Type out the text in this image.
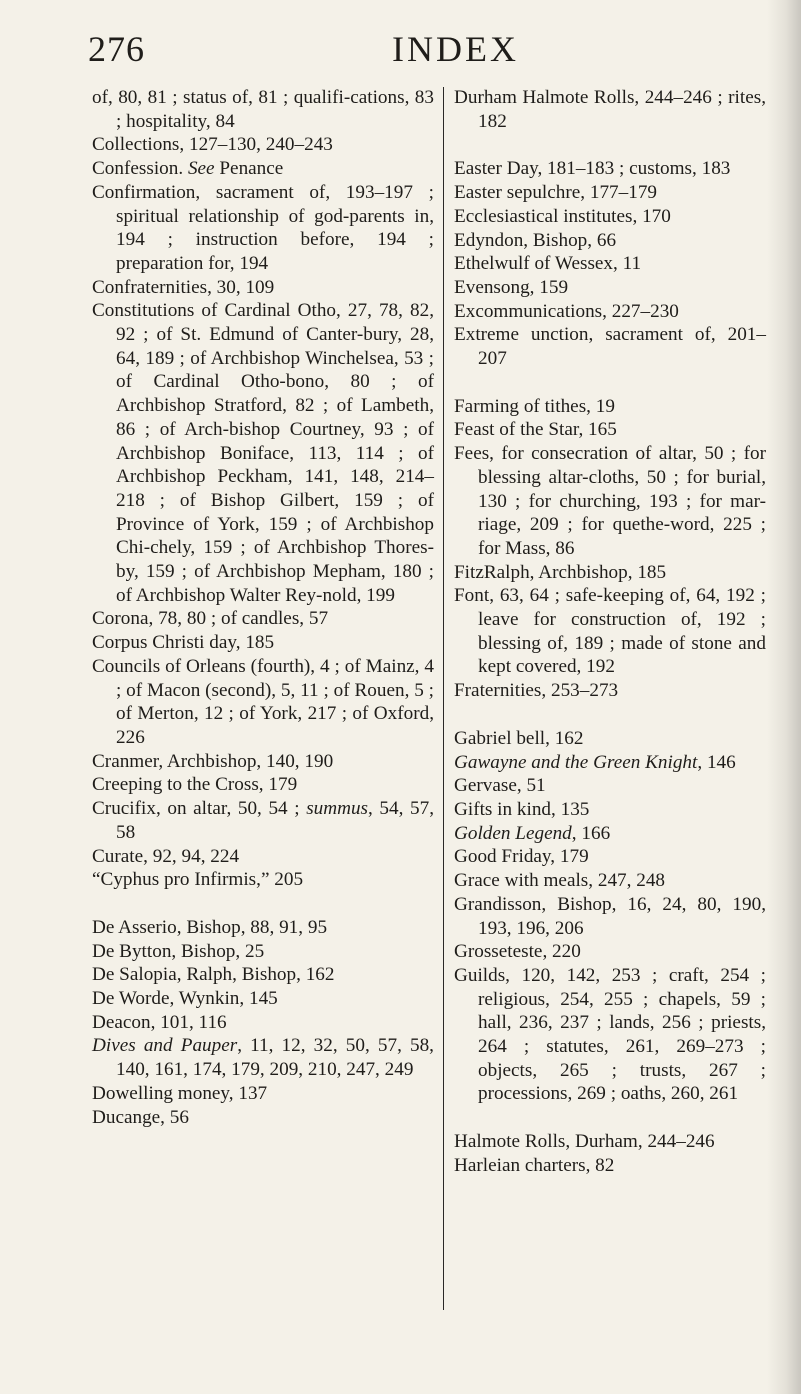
276	INDEX

of, 80, 81 ; status of, 81 ; qualifi-cations, 83 ; hospitality, 84

Collections, 127–130, 240–243

Confession. See Penance

Confirmation, sacrament of, 193–197 ; spiritual relationship of god-parents in, 194 ; instruction before, 194 ; preparation for, 194

Confraternities, 30, 109

Constitutions of Cardinal Otho, 27, 78, 82, 92 ; of St. Edmund of Canter-bury, 28, 64, 189 ; of Archbishop Winchelsea, 53 ; of Cardinal Otho-bono, 80 ; of Archbishop Stratford, 82 ; of Lambeth, 86 ; of Arch-bishop Courtney, 93 ; of Archbishop Boniface, 113, 114 ; of Archbishop Peckham, 141, 148, 214–218 ; of Bishop Gilbert, 159 ; of Province of York, 159 ; of Archbishop Chi-chely, 159 ; of Archbishop Thores-by, 159 ; of Archbishop Mepham, 180 ; of Archbishop Walter Rey-nold, 199

Corona, 78, 80 ; of candles, 57

Corpus Christi day, 185

Councils of Orleans (fourth), 4 ; of Mainz, 4 ; of Macon (second), 5, 11 ; of Rouen, 5 ; of Merton, 12 ; of York, 217 ; of Oxford, 226

Cranmer, Archbishop, 140, 190

Creeping to the Cross, 179

Crucifix, on altar, 50, 54 ; summus, 54, 57, 58

Curate, 92, 94, 224

“Cyphus pro Infirmis,” 205

De Asserio, Bishop, 88, 91, 95

De Bytton, Bishop, 25

De Salopia, Ralph, Bishop, 162

De Worde, Wynkin, 145

Deacon, 101, 116

Dives and Pauper, 11, 12, 32, 50, 57, 58, 140, 161, 174, 179, 209, 210, 247, 249

Dowelling money, 137

Ducange, 56

Durham Halmote Rolls, 244–246 ; rites, 182

Easter Day, 181–183 ; customs, 183

Easter sepulchre, 177–179

Ecclesiastical institutes, 170

Edyndon, Bishop, 66

Ethelwulf of Wessex, 11

Evensong, 159

Excommunications, 227–230

Extreme unction, sacrament of, 201–207

Farming of tithes, 19

Feast of the Star, 165

Fees, for consecration of altar, 50 ; for blessing altar-cloths, 50 ; for burial, 130 ; for churching, 193 ; for mar-riage, 209 ; for quethe-word, 225 ; for Mass, 86

FitzRalph, Archbishop, 185

Font, 63, 64 ; safe-keeping of, 64, 192 ; leave for construction of, 192 ; blessing of, 189 ; made of stone and kept covered, 192

Fraternities, 253–273

Gabriel bell, 162

Gawayne and the Green Knight, 146

Gervase, 51

Gifts in kind, 135

Golden Legend, 166

Good Friday, 179

Grace with meals, 247, 248

Grandisson, Bishop, 16, 24, 80, 190, 193, 196, 206

Grosseteste, 220

Guilds, 120, 142, 253 ; craft, 254 ; religious, 254, 255 ; chapels, 59 ; hall, 236, 237 ; lands, 256 ; priests, 264 ; statutes, 261, 269–273 ; objects, 265 ; trusts, 267 ; processions, 269 ; oaths, 260, 261

Halmote Rolls, Durham, 244–246

Harleian charters, 82
